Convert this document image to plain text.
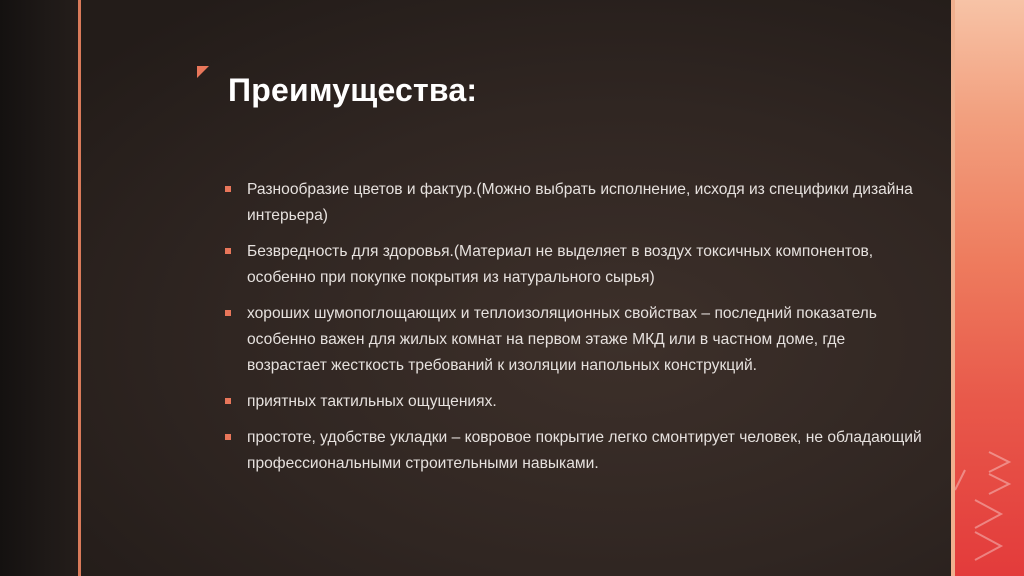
Преимущества:
Разнообразие цветов и фактур.(Можно выбрать исполнение, исходя из специфики дизайна интерьера)
Безвредность для здоровья.(Материал не выделяет в воздух токсичных компонентов, особенно при покупке покрытия из натурального сырья)
хороших шумопоглощающих и теплоизоляционных свойствах – последний показатель особенно важен для жилых комнат на первом этаже МКД или в частном доме, где возрастает жесткость требований к изоляции напольных конструкций.
приятных тактильных ощущениях.
простоте, удобстве укладки – ковровое покрытие легко смонтирует человек, не обладающий профессиональными строительными навыками.
